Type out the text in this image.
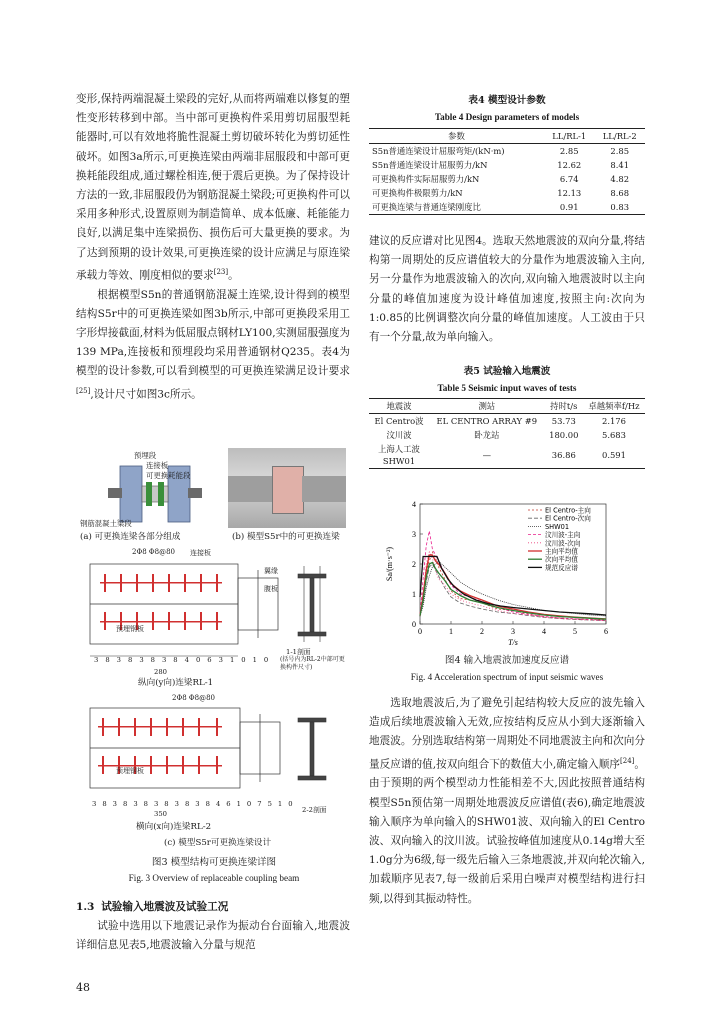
变形,保持两端混凝土梁段的完好,从而将两端难以修复的塑性变形转移到中部。当中部可更换构件采用剪切屈服型耗能器时,可以有效地将脆性混凝土剪切破坏转化为剪切延性破坏。如图3a所示,可更换连梁由两端非屈服段和中部可更换耗能段组成,通过螺栓相连,便于震后更换。为了保持设计方法的一致,非屈服段仍为钢筋混凝土梁段;可更换构件可以采用多种形式,设置原则为制造简单、成本低廉、耗能能力良好,以满足集中连梁损伤、损伤后可大量更换的要求。为了达到预期的设计效果,可更换连梁的设计应满足与原连梁承载力等效、刚度相似的要求[23]。

根据模型S5n的普通钢筋混凝土连梁,设计得到的模型结构S5r中的可更换连梁如图3b所示,中部可更换段采用工字形焊接截面,材料为低屈服点钢材LY100,实测屈服强度为139 MPa,连接板和预埋段均采用普通钢材Q235。表4为模型的设计参数,可以看到模型的可更换连梁满足设计要求[25],设计尺寸如图3c所示。

预埋段
连接板
可更换耗能段
钢筋混凝土梁段
(a) 可更换连梁各部分组成	(b) 模型S5r中的可更换连梁
2Φ8 Φ8@80 连接板
预埋钢板
腹板
翼缘
3838383840631010
280
1-1剖面
(括号内为RL-2中部可更换构件尺寸)
纵向(y向)连梁RL-1
2Φ8 Φ8@80
预埋钢板
38383838383846107510
350	2-2剖面
横向(x向)连梁RL-2
(c) 模型S5r可更换连梁设计
图3 模型结构可更换连梁详图
Fig. 3 Overview of replaceable coupling beam

1.3 试验输入地震波及试验工况

试验中选用以下地震记录作为振动台台面输入,地震波详细信息见表5,地震波输入分量与规范

48
表4 模型设计参数
Table 4 Design parameters of models
参数	LL/RL-1	LL/RL-2
S5n普通连梁设计屈服弯矩/(kN·m)	2.85	2.85
S5n普通连梁设计屈服剪力/kN	12.62	8.41
可更换构件实际屈服剪力/kN	6.74	4.82
可更换构件极限剪力/kN	12.13	8.68
可更换连梁与普通连梁刚度比	0.91	0.83

建议的反应谱对比见图4。选取天然地震波的双向分量,将结构第一周期处的反应谱值较大的分量作为地震波输入主向,另一分量作为地震波输入的次向,双向输入地震波时以主向分量的峰值加速度为设计峰值加速度,按照主向:次向为1:0.85的比例调整次向分量的峰值加速度。人工波由于只有一个分量,故为单向输入。

表5 试验输入地震波
Table 5 Seismic input waves of tests
地震波	测站	持时t/s	卓越频率f/Hz
El Centro波	EL CENTRO ARRAY #9	53.73	2.176
汶川波	卧龙站	180.00	5.683
上海人工波SHW01	—	36.86	0.591
0	1	2	3	4	5	6
0
1
2
3
4
T/s
Sa/(m·s⁻²)
El Centro-主向
El Centro-次向
SHW01
汶川波-主向
汶川波-次向
主向平均值
次向平均值
规范反应谱
图4 输入地震波加速度反应谱
Fig. 4 Acceleration spectrum of input seismic waves

选取地震波后,为了避免引起结构较大反应的波先输入造成后续地震波输入无效,应按结构反应从小到大逐渐输入地震波。分别选取结构第一周期处不同地震波主向和次向分量反应谱的值,按双向组合下的数值大小,确定输入顺序[24]。由于预期的两个模型动力性能相差不大,因此按照普通结构模型S5n预估第一周期处地震波反应谱值(表6),确定地震波输入顺序为单向输入的SHW01波、双向输入的El Centro波、双向输入的汶川波。试验按峰值加速度从0.14g增大至1.0g分为6级,每一级先后输入三条地震波,并双向轮次输入,加载顺序见表7,每一级前后采用白噪声对模型结构进行扫频,以得到其振动特性。
